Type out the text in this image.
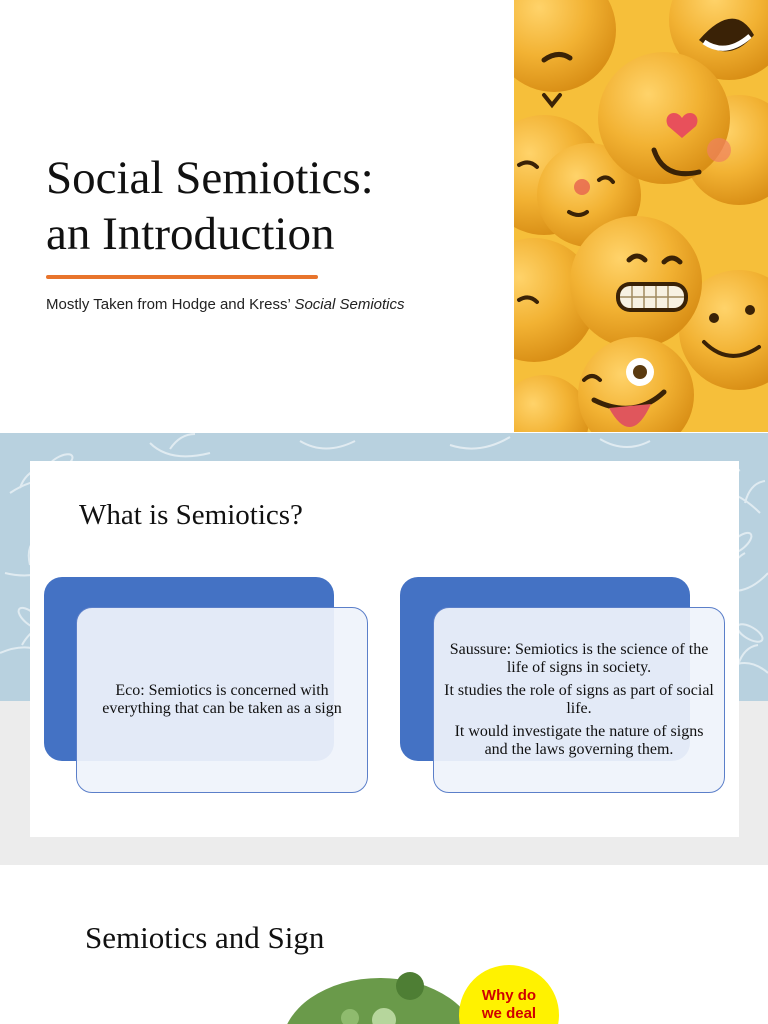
Social Semiotics:
an Introduction
Mostly Taken from Hodge and Kress’ Social Semiotics
What is Semiotics?

Eco: Semiotics is concerned with everything that can be taken as a sign

Saussure: Semiotics is the science of the life of signs in society.

It studies the role of signs as part of social life.

It would investigate the nature of signs and the laws governing them.

Semiotics and Sign
Why do
we deal
